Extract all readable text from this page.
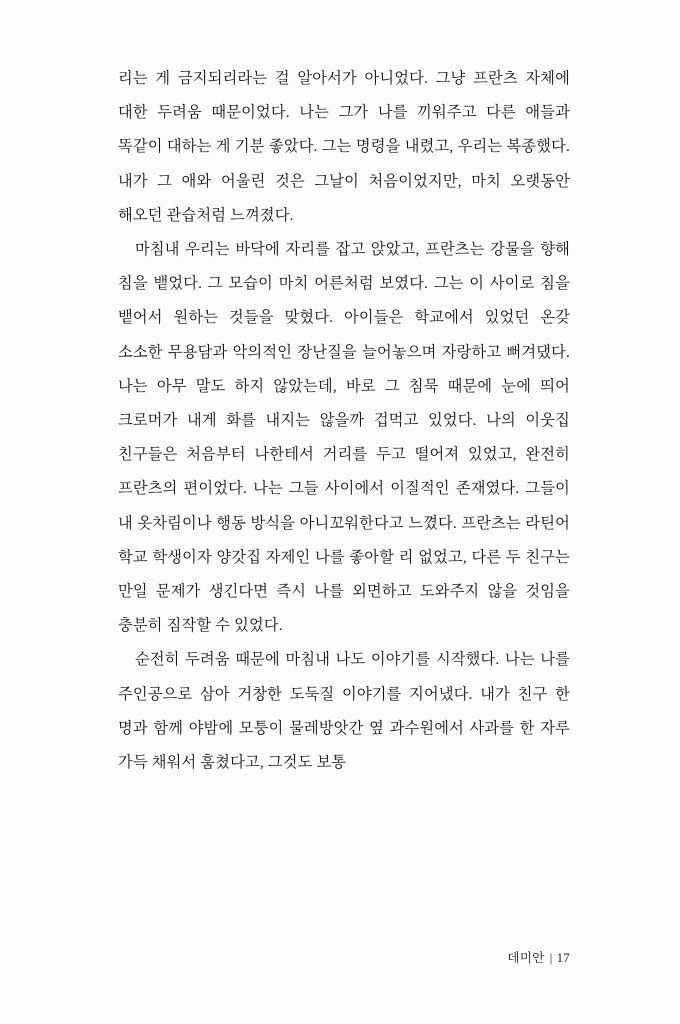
리는 게 금지되리라는 걸 알아서가 아니었다. 그냥 프란츠 자체에 대한 두려움 때문이었다. 나는 그가 나를 끼워주고 다른 애들과 똑같이 대하는 게 기분 좋았다. 그는 명령을 내렸고, 우리는 복종했다. 내가 그 애와 어울린 것은 그날이 처음이었지만, 마치 오랫동안 해오던 관습처럼 느껴졌다.

마침내 우리는 바닥에 자리를 잡고 앉았고, 프란츠는 강물을 향해 침을 뱉었다. 그 모습이 마치 어른처럼 보였다. 그는 이 사이로 침을 뱉어서 원하는 것들을 맞혔다. 아이들은 학교에서 있었던 온갖 소소한 무용담과 악의적인 장난질을 늘어놓으며 자랑하고 뻐겨댔다. 나는 아무 말도 하지 않았는데, 바로 그 침묵 때문에 눈에 띄어 크로머가 내게 화를 내지는 않을까 겁먹고 있었다. 나의 이웃집 친구들은 처음부터 나한테서 거리를 두고 떨어져 있었고, 완전히 프란츠의 편이었다. 나는 그들 사이에서 이질적인 존재였다. 그들이 내 옷차림이나 행동 방식을 아니꼬워한다고 느꼈다. 프란츠는 라틴어 학교 학생이자 양갓집 자제인 나를 좋아할 리 없었고, 다른 두 친구는 만일 문제가 생긴다면 즉시 나를 외면하고 도와주지 않을 것임을 충분히 짐작할 수 있었다.

순전히 두려움 때문에 마침내 나도 이야기를 시작했다. 나는 나를 주인공으로 삼아 거창한 도둑질 이야기를 지어냈다. 내가 친구 한 명과 함께 야밤에 모퉁이 물레방앗간 옆 과수원에서 사과를 한 자루 가득 채워서 훔쳤다고, 그것도 보통

데미안 | 17
